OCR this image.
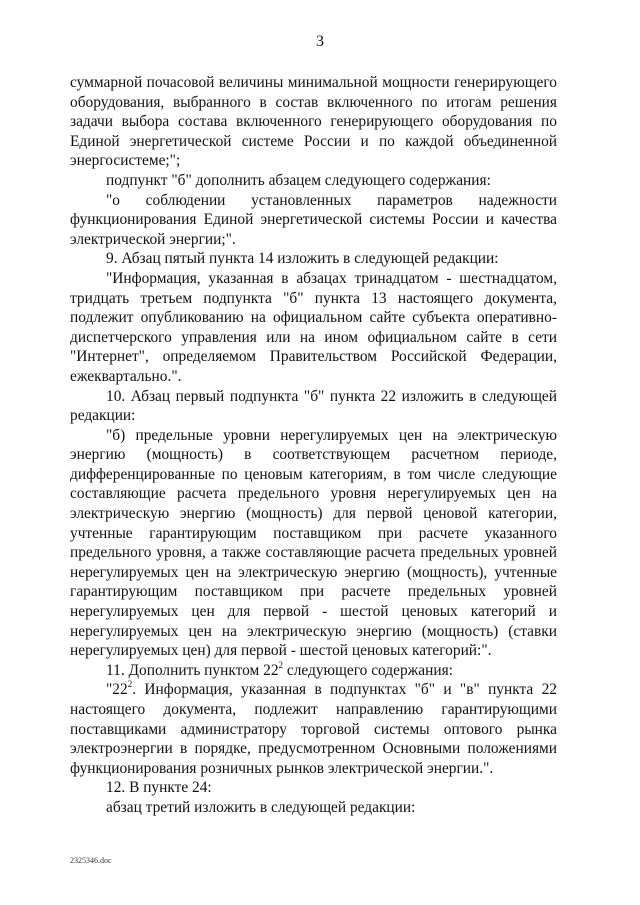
3

суммарной почасовой величины минимальной мощности генерирующего оборудования, выбранного в состав включенного по итогам решения задачи выбора состава включенного генерирующего оборудования по Единой энергетической системе России и по каждой объединенной энергосистеме;";

подпункт "б" дополнить абзацем следующего содержания:

"о соблюдении установленных параметров надежности функционирования Единой энергетической системы России и качества электрической энергии;".

9. Абзац пятый пункта 14 изложить в следующей редакции:

"Информация, указанная в абзацах тринадцатом - шестнадцатом, тридцать третьем подпункта "б" пункта 13 настоящего документа, подлежит опубликованию на официальном сайте субъекта оперативно-диспетчерского управления или на ином официальном сайте в сети "Интернет", определяемом Правительством Российской Федерации, ежеквартально.".

10. Абзац первый подпункта "б" пункта 22 изложить в следующей редакции:

"б) предельные уровни нерегулируемых цен на электрическую энергию (мощность) в соответствующем расчетном периоде, дифференцированные по ценовым категориям, в том числе следующие составляющие расчета предельного уровня нерегулируемых цен на электрическую энергию (мощность) для первой ценовой категории, учтенные гарантирующим поставщиком при расчете указанного предельного уровня, а также составляющие расчета предельных уровней нерегулируемых цен на электрическую энергию (мощность), учтенные гарантирующим поставщиком при расчете предельных уровней нерегулируемых цен для первой - шестой ценовых категорий и нерегулируемых цен на электрическую энергию (мощность) (ставки нерегулируемых цен) для первой - шестой ценовых категорий:".

11. Дополнить пунктом $22^2$ следующего содержания:

"$22^2$. Информация, указанная в подпунктах "б" и "в" пункта 22 настоящего документа, подлежит направлению гарантирующими поставщиками администратору торговой системы оптового рынка электроэнергии в порядке, предусмотренном Основными положениями функционирования розничных рынков электрической энергии.".

12. В пункте 24:

абзац третий изложить в следующей редакции:

2325346.doc
